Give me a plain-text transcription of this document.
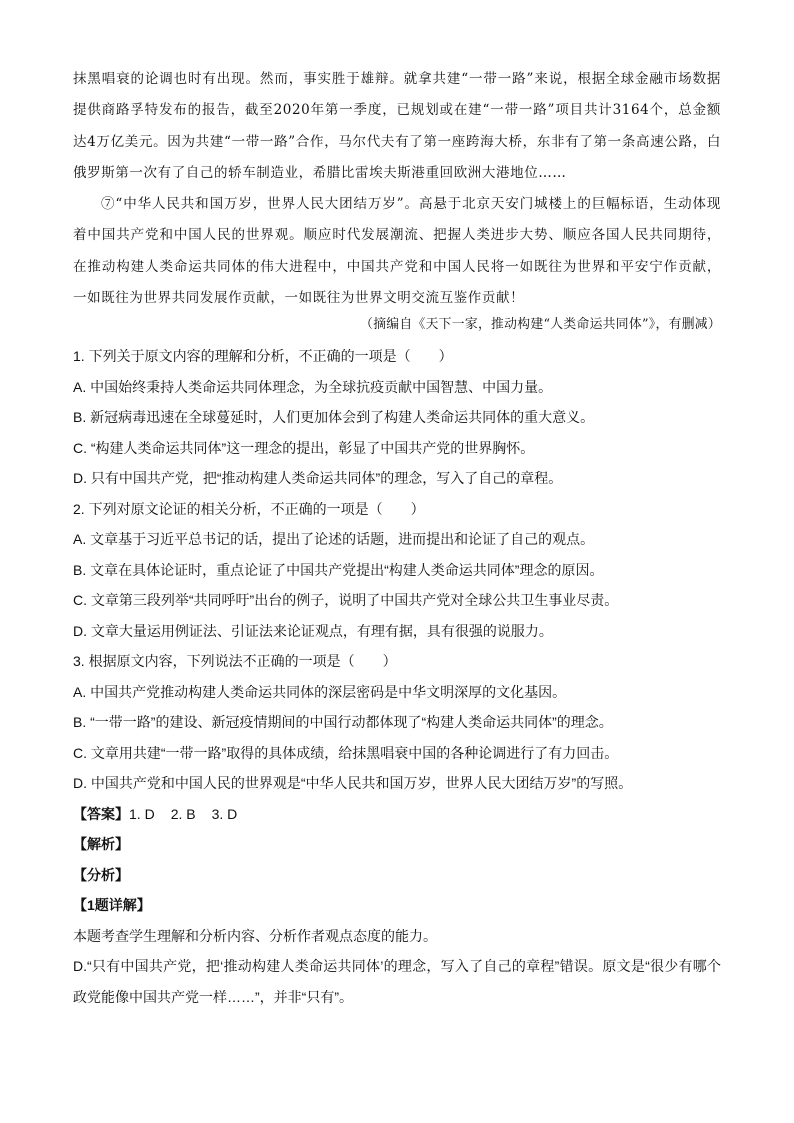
抹黑唱衰的论调也时有出现。然而，事实胜于雄辩。就拿共建“一带一路”来说，根据全球金融市场数据提供商路孚特发布的报告，截至2020年第一季度，已规划或在建“一带一路”项目共计3164个，总金额达4万亿美元。因为共建“一带一路”合作，马尔代夫有了第一座跨海大桥，东非有了第一条高速公路，白俄罗斯第一次有了自己的轿车制造业，希腊比雷埃夫斯港重回欧洲大港地位……

⑦“中华人民共和国万岁，世界人民大团结万岁”。高悬于北京天安门城楼上的巨幅标语，生动体现着中国共产党和中国人民的世界观。顺应时代发展潮流、把握人类进步大势、顺应各国人民共同期待，在推动构建人类命运共同体的伟大进程中，中国共产党和中国人民将一如既往为世界和平安宁作贡献，一如既往为世界共同发展作贡献，一如既往为世界文明交流互鉴作贡献！

（摘编自《天下一家，推动构建“人类命运共同体”》，有删减）
1. 下列关于原文内容的理解和分析，不正确的一项是（　　）
A. 中国始终秉持人类命运共同体理念，为全球抗疫贡献中国智慧、中国力量。
B. 新冠病毒迅速在全球蔓延时，人们更加体会到了构建人类命运共同体的重大意义。
C. “构建人类命运共同体”这一理念的提出，彰显了中国共产党的世界胸怀。
D. 只有中国共产党，把“推动构建人类命运共同体”的理念，写入了自己的章程。
2. 下列对原文论证的相关分析，不正确的一项是（　　）
A. 文章基于习近平总书记的话，提出了论述的话题，进而提出和论证了自己的观点。
B. 文章在具体论证时，重点论证了中国共产党提出“构建人类命运共同体”理念的原因。
C. 文章第三段列举“共同呼吁”出台的例子，说明了中国共产党对全球公共卫生事业尽责。
D. 文章大量运用例证法、引证法来论证观点，有理有据，具有很强的说服力。
3. 根据原文内容，下列说法不正确的一项是（　　）
A. 中国共产党推动构建人类命运共同体的深层密码是中华文明深厚的文化基因。
B. “一带一路”的建设、新冠疫情期间的中国行动都体现了“构建人类命运共同体”的理念。
C. 文章用共建“一带一路”取得的具体成绩，给抹黑唱衰中国的各种论调进行了有力回击。
D. 中国共产党和中国人民的世界观是“中华人民共和国万岁，世界人民大团结万岁”的写照。
【答案】1. D 2. B 3. D
【解析】
【分析】
【1题详解】
本题考查学生理解和分析内容、分析作者观点态度的能力。
D.“只有中国共产党，把‘推动构建人类命运共同体’的理念，写入了自己的章程”错误。原文是“很少有哪个政党能像中国共产党一样……”，并非“只有”。
